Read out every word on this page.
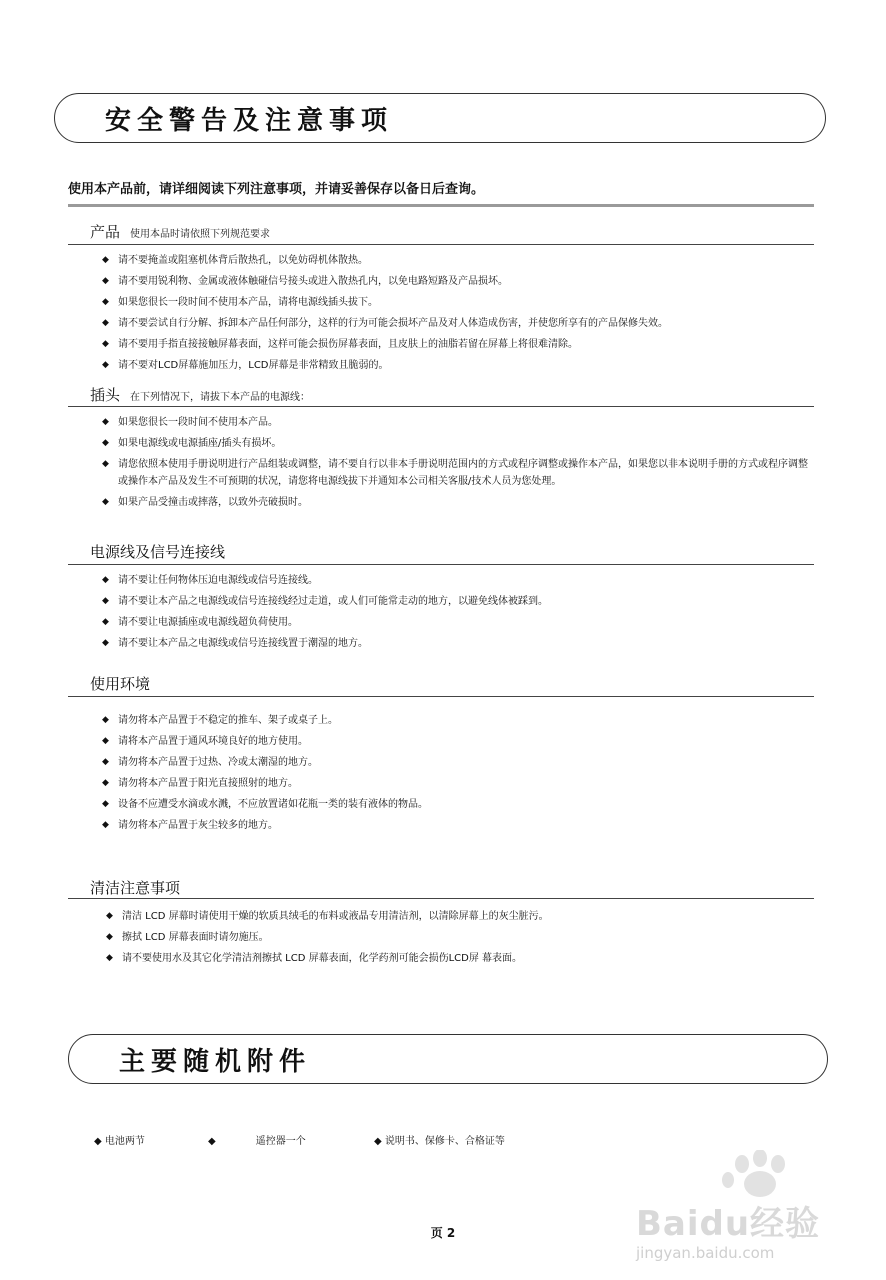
安全警告及注意事项
使用本产品前，请详细阅读下列注意事项，并请妥善保存以备日后查询。
产品 使用本品时请依照下列规范要求
◆ 请不要掩盖或阻塞机体背后散热孔，以免妨碍机体散热。
◆ 请不要用锐利物、金属或液体触碰信号接头或进入散热孔内，以免电路短路及产品损坏。
◆ 如果您很长一段时间不使用本产品，请将电源线插头拔下。
◆ 请不要尝试自行分解、拆卸本产品任何部分，这样的行为可能会损坏产品及对人体造成伤害，并使您所享有的产品保修失效。
◆ 请不要用手指直接接触屏幕表面，这样可能会损伤屏幕表面，且皮肤上的油脂若留在屏幕上将很难清除。
◆ 请不要对LCD屏幕施加压力，LCD屏幕是非常精致且脆弱的。
插头 在下列情况下，请拔下本产品的电源线：
◆ 如果您很长一段时间不使用本产品。
◆ 如果电源线或电源插座/插头有损坏。
◆ 请您依照本使用手册说明进行产品组装或调整，请不要自行以非本手册说明范围内的方式或程序调整或操作本产品，如果您以非本说明手册的方式或程序调整或操作本产品及发生不可预期的状况，请您将电源线拔下并通知本公司相关客服/技术人员为您处理。
◆ 如果产品受撞击或摔落，以致外壳破损时。
电源线及信号连接线
◆ 请不要让任何物体压迫电源线或信号连接线。
◆ 请不要让本产品之电源线或信号连接线经过走道，或人们可能常走动的地方，以避免线体被踩到。
◆ 请不要让电源插座或电源线超负荷使用。
◆ 请不要让本产品之电源线或信号连接线置于潮湿的地方。
使用环境
◆ 请勿将本产品置于不稳定的推车、架子或桌子上。
◆ 请将本产品置于通风环境良好的地方使用。
◆ 请勿将本产品置于过热、冷或太潮湿的地方。
◆ 请勿将本产品置于阳光直接照射的地方。
◆ 设备不应遭受水滴或水溅，不应放置诸如花瓶一类的装有液体的物品。
◆ 请勿将本产品置于灰尘较多的地方。
清洁注意事项
◆ 清洁 LCD 屏幕时请使用干燥的软质具绒毛的布料或液晶专用清洁剂，以清除屏幕上的灰尘脏污。
◆ 擦拭 LCD 屏幕表面时请勿施压。
◆ 请不要使用水及其它化学清洁剂擦拭 LCD 屏幕表面，化学药剂可能会损伤LCD屏 幕表面。
主要随机附件
◆ 电池两节	◆	遥控器一个	◆ 说明书、保修卡、合格证等
Baidu经验
jingyan.baidu.com
页 2
